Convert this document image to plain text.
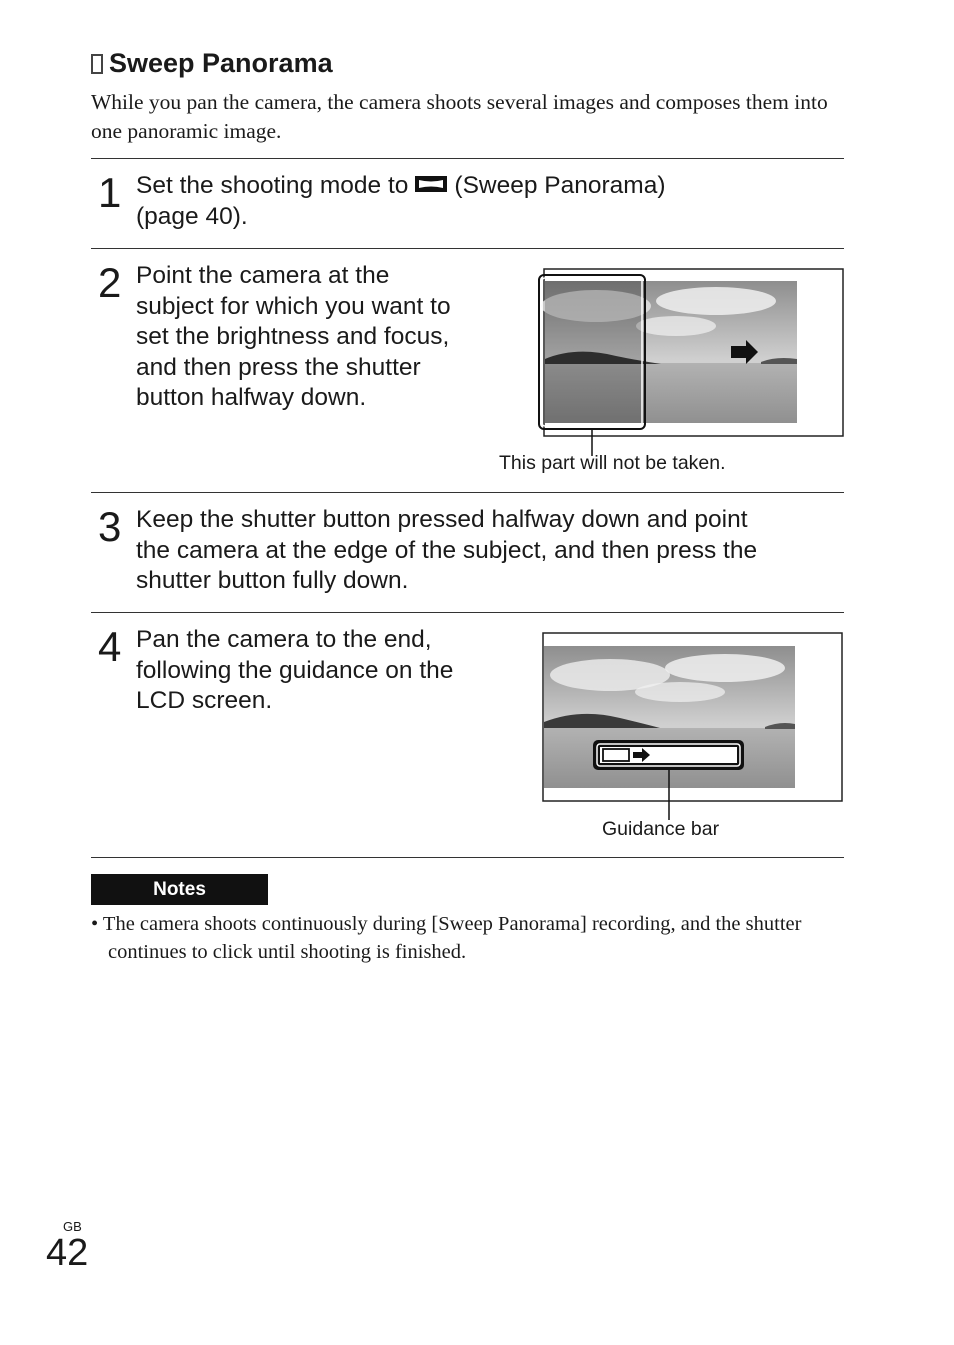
Sweep Panorama
While you pan the camera, the camera shoots several images and composes them into one panoramic image.
1 Set the shooting mode to (Sweep Panorama)
(page 40).
2 Point the camera at the
subject for which you want to
set the brightness and focus,
and then press the shutter
button halfway down.
This part will not be taken.
3 Keep the shutter button pressed halfway down and point
the camera at the edge of the subject, and then press the
shutter button fully down.
4 Pan the camera to the end,
following the guidance on the
LCD screen.
Guidance bar
Notes
• The camera shoots continuously during [Sweep Panorama] recording, and the shutter continues to click until shooting is finished.
GB
42
